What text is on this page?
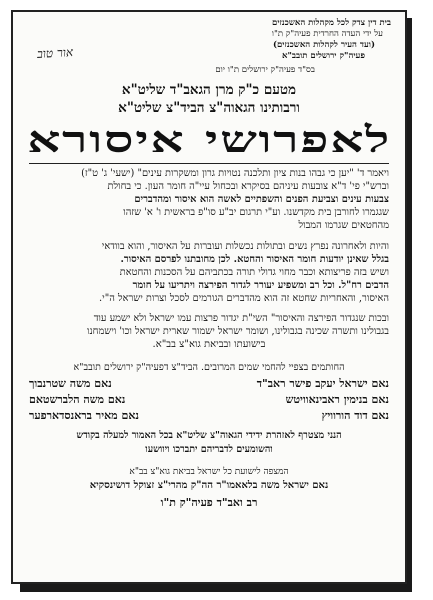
בית דין צדק לכל מקהלות האשכנזים
על ידי העדה החרדית פעיה"ק ת"ו
(ועד העיר לקהלות האשכנזים)
פעיה"ק ירושלים תובב"א
בס"ד פעיה"ק ירושלים ת"ו יום
אור טוב
מטעם כ"ק מרן הגאב"ד שליט"א
ורבותינו הגאוה"צ הביד"צ שליט"א
לאפרושי איסורא
ויאמר ד' "יען כי גבהו בנות ציון ותלכנה נטויות גרון ומשקרות עינים" (ישעי' ג' ט"ז)
וברש"י פי' ד"א צובעות עיניהם בסיקרא ובכחול עיי"ה חומר העון. כי בחולת
צבעות עינים וצביעת הפנים והשפתיים לאשה הוא איסור ומהדברים
שגגמרו לחורבן בית מקדשנו. וע"י תרגום יב"ע סו"פ בראשית ו' א' שזהו
מהחטאים שגרמו המבול
והיות ולאחרונה נפרץ נשים ובתולות נכשלות ועוברות על האיסור, והוא בוודאי
בגלל שאינן יודעות חומר האיסור והחטא. לכן מחובתנו לפרסם האיסור.
ושיש בזה פריצותא וכבר מחוי גדולי תורה בכתביהם על הסכנות והחטאת
הדבים רח"ל. וכל רב ומשפיע יעורר לגדור הפירצה ויתריעו על חומר
האיסור, והאחריות שחטא זה הוא מהדברים הגורמים לסכל וצרות ישראל ה"י.
ובכות שנגדור הפירצה והאיסור" השי"ת יגדור פרצות עמו ישראל ולא ישמע עוד
בגבולינו ותשרה שכינה בגבולינו, ושומר ישראל ישמור שארית ישראל וכו' וישמחנו
בישועתו ובביאת גוא"צ בב"א.
החותמים בצפיי להחמי שמים המרובים. הביד"צ דפעיה"ק ירושלים תובב"א
נאם ישראל יעקב פישר ראב"ד
נאם משה שטרנבוך
נאם בנימין ראבינאוויטש
נאם משה הלברשטאם
נאם דוד הורוויץ
נאם מאיר בראנסדארפער
הנני מצטרף לאזהרת ידידי הגאוה"צ שליט"א בכל האמור למעלה בקודש
והשומעים לדבריהם יתברכו ויוושעו
המצפה לישועת כל ישראל בביאת גוא"צ בב"א
נאם ישראל משה בלאאמו"ר הה"ק מהרי"צ זצוקל דושינסקיא
רב ואב"ד פעיה"ק ת"ו
